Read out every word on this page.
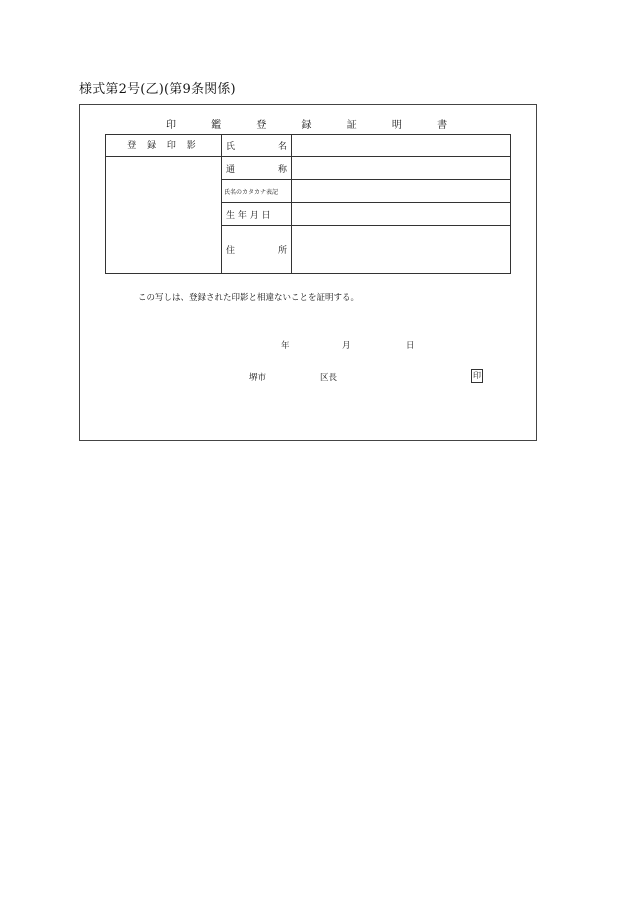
様式第2号(乙)(第9条関係)
印	鑑	登	録	証	明	書
登 録 印 影	氏	名
通	称
氏名のカタカナ表記
生 年 月 日
住	所
この写しは、登録された印影と相違ないことを証明する。
年	月	日
堺市	区長	印
